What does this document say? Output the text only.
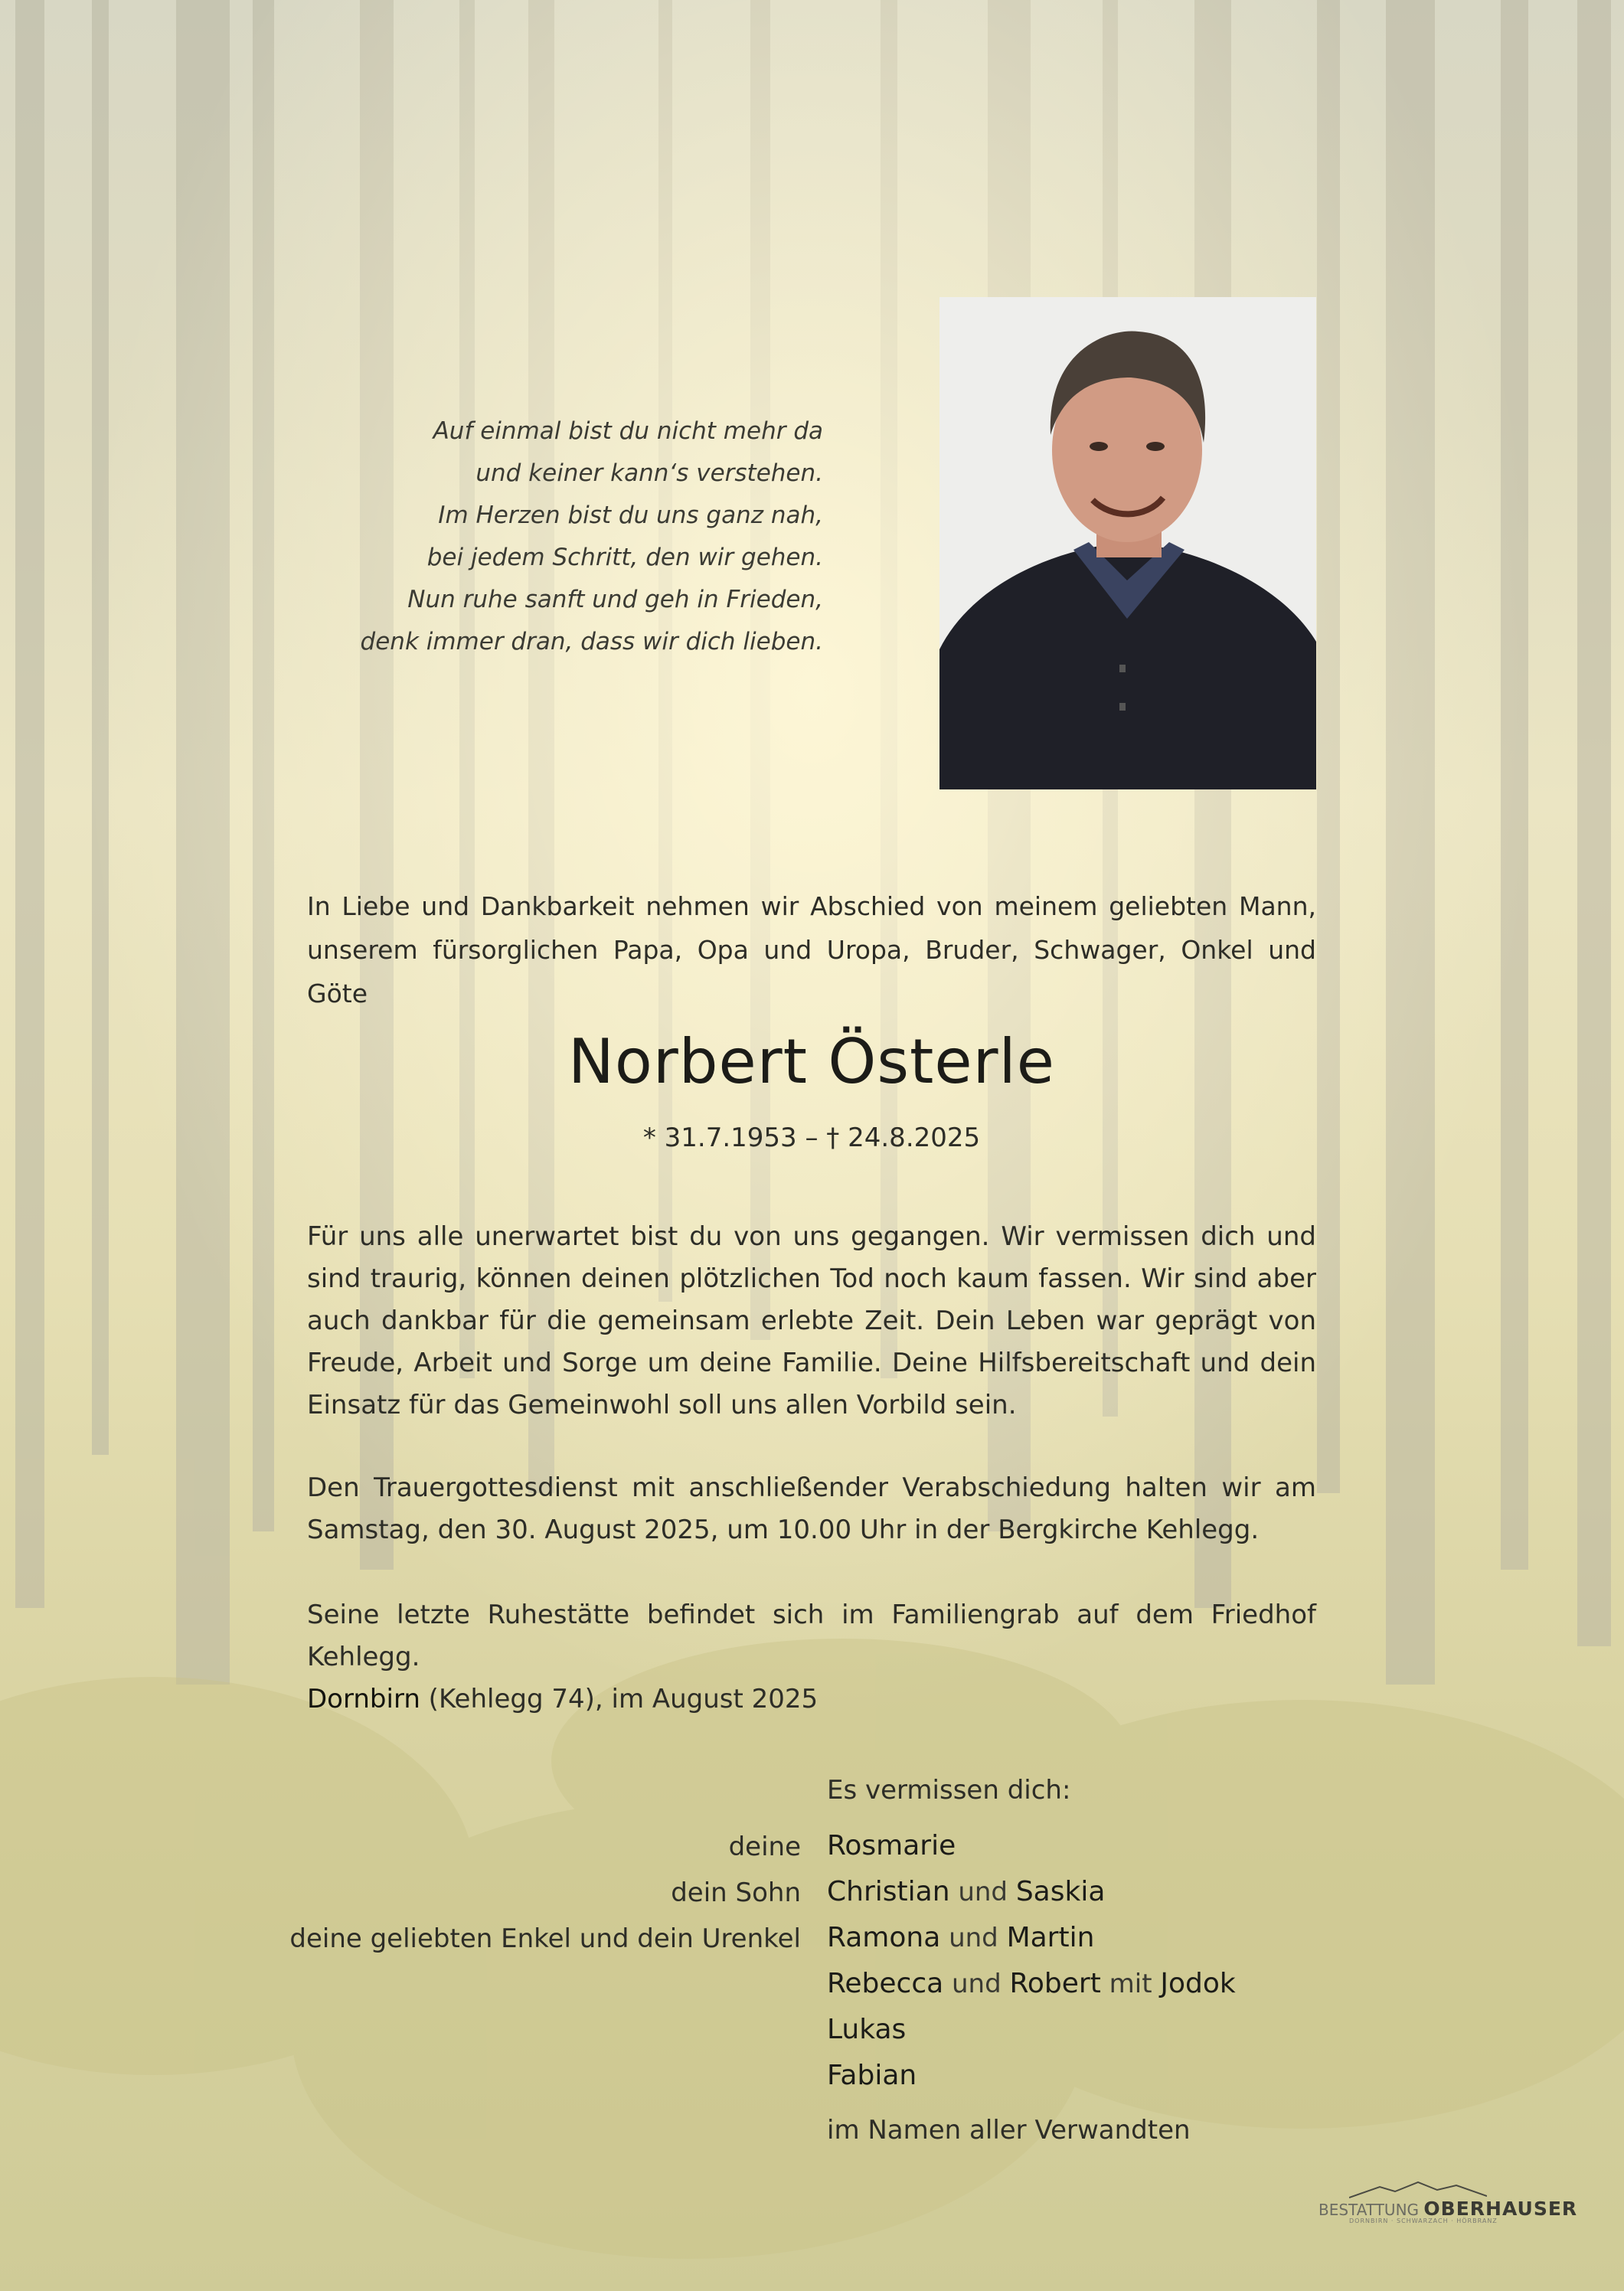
Auf einmal bist du nicht mehr da
und keiner kann‘s verstehen.
Im Herzen bist du uns ganz nah,
bei jedem Schritt, den wir gehen.
Nun ruhe sanft und geh in Frieden,
denk immer dran, dass wir dich lieben.
In Liebe und Dankbarkeit nehmen wir Abschied von meinem geliebten Mann, unserem fürsorglichen Papa, Opa und Uropa, Bruder, Schwager, Onkel und Göte
Norbert Österle
* 31.7.1953 – † 24.8.2025
Für uns alle unerwartet bist du von uns gegangen. Wir vermissen dich und sind traurig, können deinen plötzlichen Tod noch kaum fassen. Wir sind aber auch dankbar für die gemeinsam erlebte Zeit. Dein Leben war geprägt von Freude, Arbeit und Sorge um deine Familie. Deine Hilfsbereitschaft und dein Einsatz für das Gemeinwohl soll uns allen Vorbild sein.
Den Trauergottesdienst mit anschließender Verabschiedung halten wir am Samstag, den 30. August 2025, um 10.00 Uhr in der Bergkirche Kehlegg.
Seine letzte Ruhestätte befindet sich im Familiengrab auf dem Friedhof Kehlegg.
Dornbirn (Kehlegg 74), im August 2025
Es vermissen dich:
deine
dein Sohn
deine geliebten Enkel und dein Urenkel
Rosmarie
Christian und Saskia
Ramona und Martin
Rebecca und Robert mit Jodok
Lukas
Fabian
im Namen aller Verwandten
BESTATTUNG OBERHAUSER
DORNBIRN · SCHWARZACH · HÖRBRANZ
